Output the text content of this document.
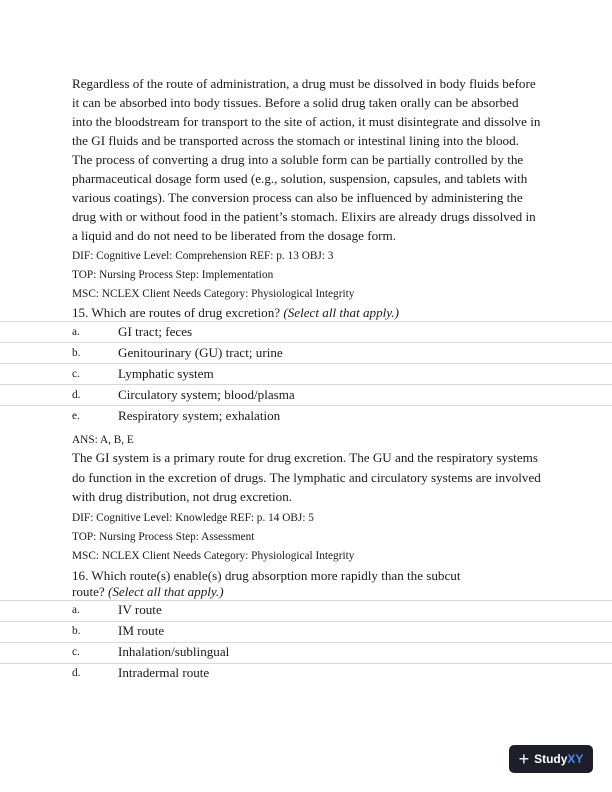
Regardless of the route of administration, a drug must be dissolved in body fluids before it can be absorbed into body tissues. Before a solid drug taken orally can be absorbed into the bloodstream for transport to the site of action, it must disintegrate and dissolve in the GI fluids and be transported across the stomach or intestinal lining into the blood. The process of converting a drug into a soluble form can be partially controlled by the pharmaceutical dosage form used (e.g., solution, suspension, capsules, and tablets with various coatings). The conversion process can also be influenced by administering the drug with or without food in the patient’s stomach. Elixirs are already drugs dissolved in a liquid and do not need to be liberated from the dosage form.

DIF: Cognitive Level: Comprehension REF: p. 13 OBJ: 3

TOP: Nursing Process Step: Implementation

MSC: NCLEX Client Needs Category: Physiological Integrity

15. Which are routes of drug excretion? (Select all that apply.)

a.	GI tract; feces
b.	Genitourinary (GU) tract; urine
c.	Lymphatic system
d.	Circulatory system; blood/plasma
e.	Respiratory system; exhalation

ANS: A, B, E

The GI system is a primary route for drug excretion. The GU and the respiratory systems do function in the excretion of drugs. The lymphatic and circulatory systems are involved with drug distribution, not drug excretion.

DIF: Cognitive Level: Knowledge REF: p. 14 OBJ: 5

TOP: Nursing Process Step: Assessment

MSC: NCLEX Client Needs Category: Physiological Integrity

16. Which route(s) enable(s) drug absorption more rapidly than the subcut
route? (Select all that apply.)

a.	IV route
b.	IM route
c.	Inhalation/sublingual
d.	Intradermal route
+ Study XY
